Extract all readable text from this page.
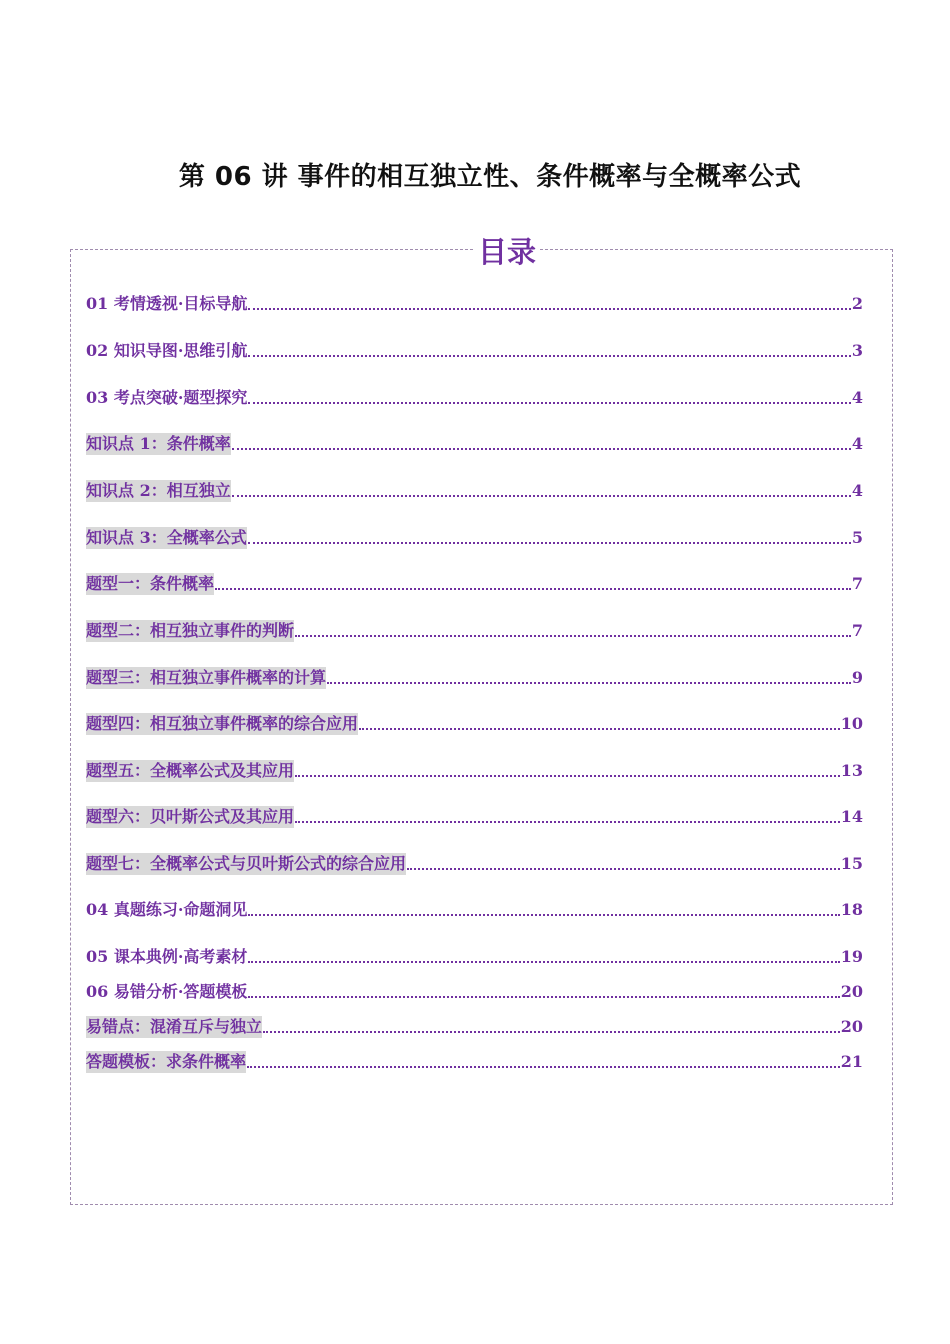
第 06 讲 事件的相互独立性、条件概率与全概率公式
目录
01 考情透视·目标导航	2
02 知识导图·思维引航	3
03 考点突破·题型探究	4
知识点 1：条件概率	4
知识点 2：相互独立	4
知识点 3：全概率公式	5
题型一：条件概率	7
题型二：相互独立事件的判断	7
题型三：相互独立事件概率的计算	9
题型四：相互独立事件概率的综合应用	10
题型五：全概率公式及其应用	13
题型六：贝叶斯公式及其应用	14
题型七：全概率公式与贝叶斯公式的综合应用	15
04 真题练习·命题洞见	18
05 课本典例·高考素材	19
06 易错分析·答题模板	20
易错点：混淆互斥与独立	20
答题模板：求条件概率	21
